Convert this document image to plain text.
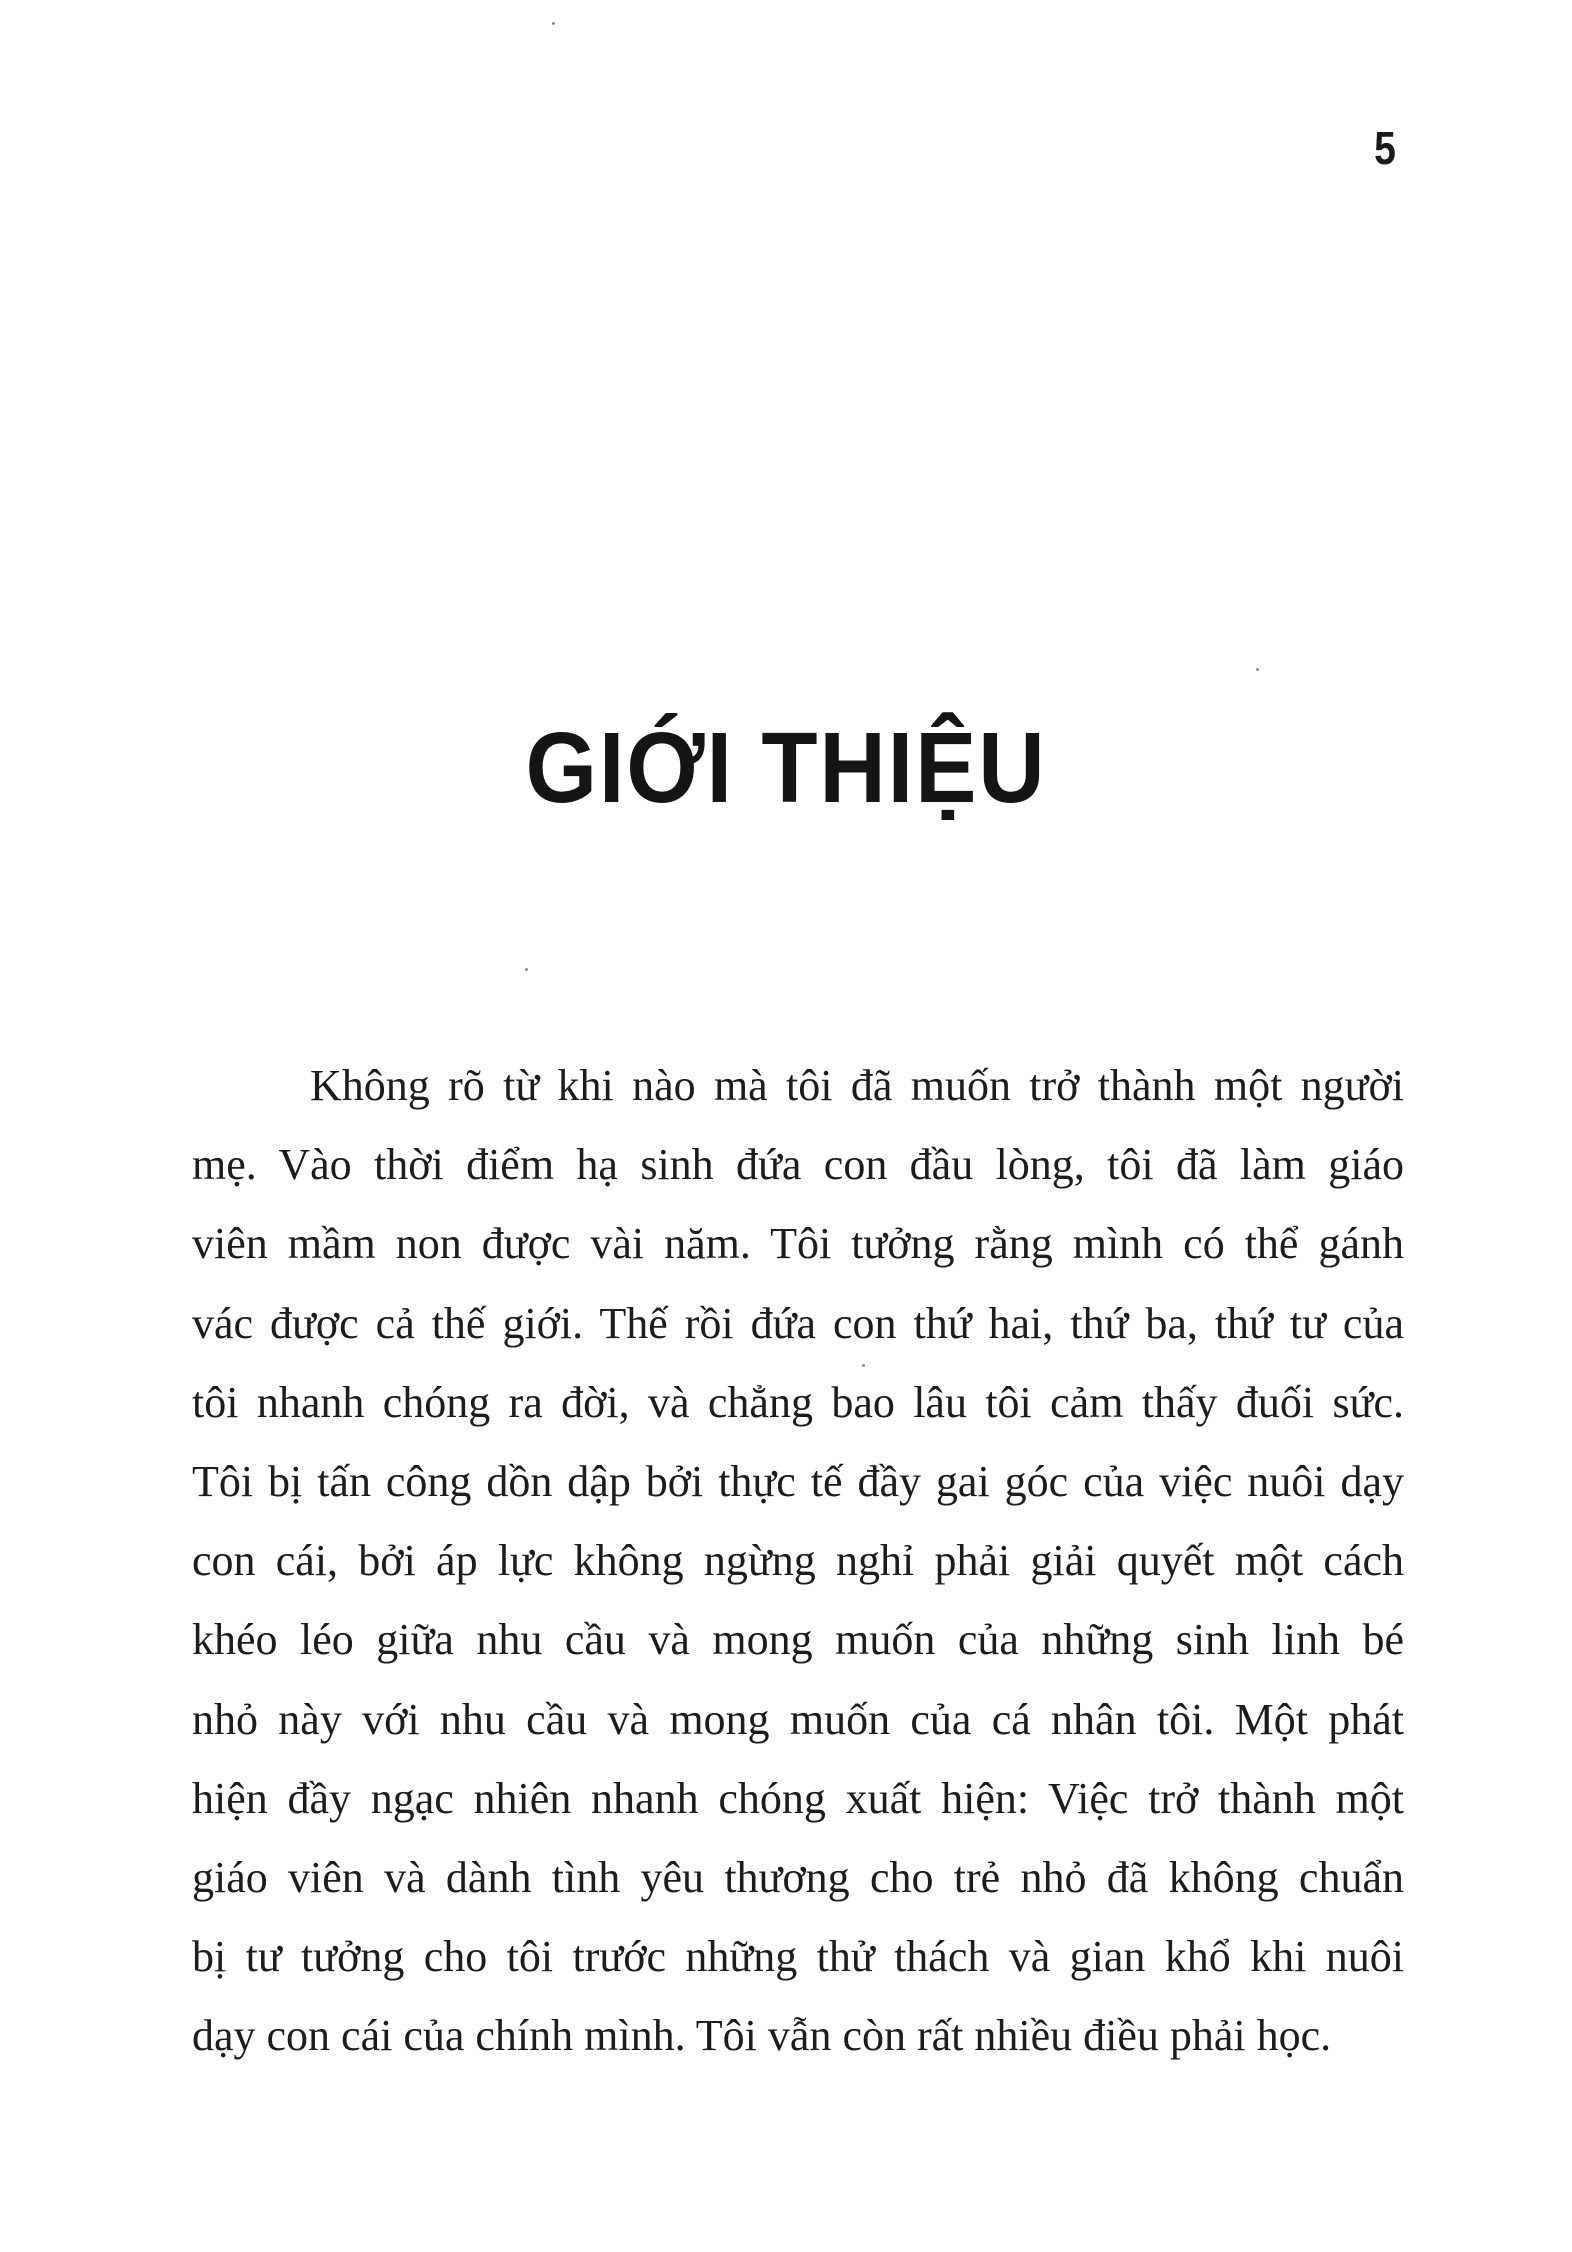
5
GIỚI THIỆU

Không rõ từ khi nào mà tôi đã muốn trở thành một người
mẹ. Vào thời điểm hạ sinh đứa con đầu lòng, tôi đã làm giáo
viên mầm non được vài năm. Tôi tưởng rằng mình có thể gánh
vác được cả thế giới. Thế rồi đứa con thứ hai, thứ ba, thứ tư của
tôi nhanh chóng ra đời, và chẳng bao lâu tôi cảm thấy đuối sức.
Tôi bị tấn công dồn dập bởi thực tế đầy gai góc của việc nuôi dạy
con cái, bởi áp lực không ngừng nghỉ phải giải quyết một cách
khéo léo giữa nhu cầu và mong muốn của những sinh linh bé
nhỏ này với nhu cầu và mong muốn của cá nhân tôi. Một phát
hiện đầy ngạc nhiên nhanh chóng xuất hiện: Việc trở thành một
giáo viên và dành tình yêu thương cho trẻ nhỏ đã không chuẩn
bị tư tưởng cho tôi trước những thử thách và gian khổ khi nuôi
dạy con cái của chính mình. Tôi vẫn còn rất nhiều điều phải học.
